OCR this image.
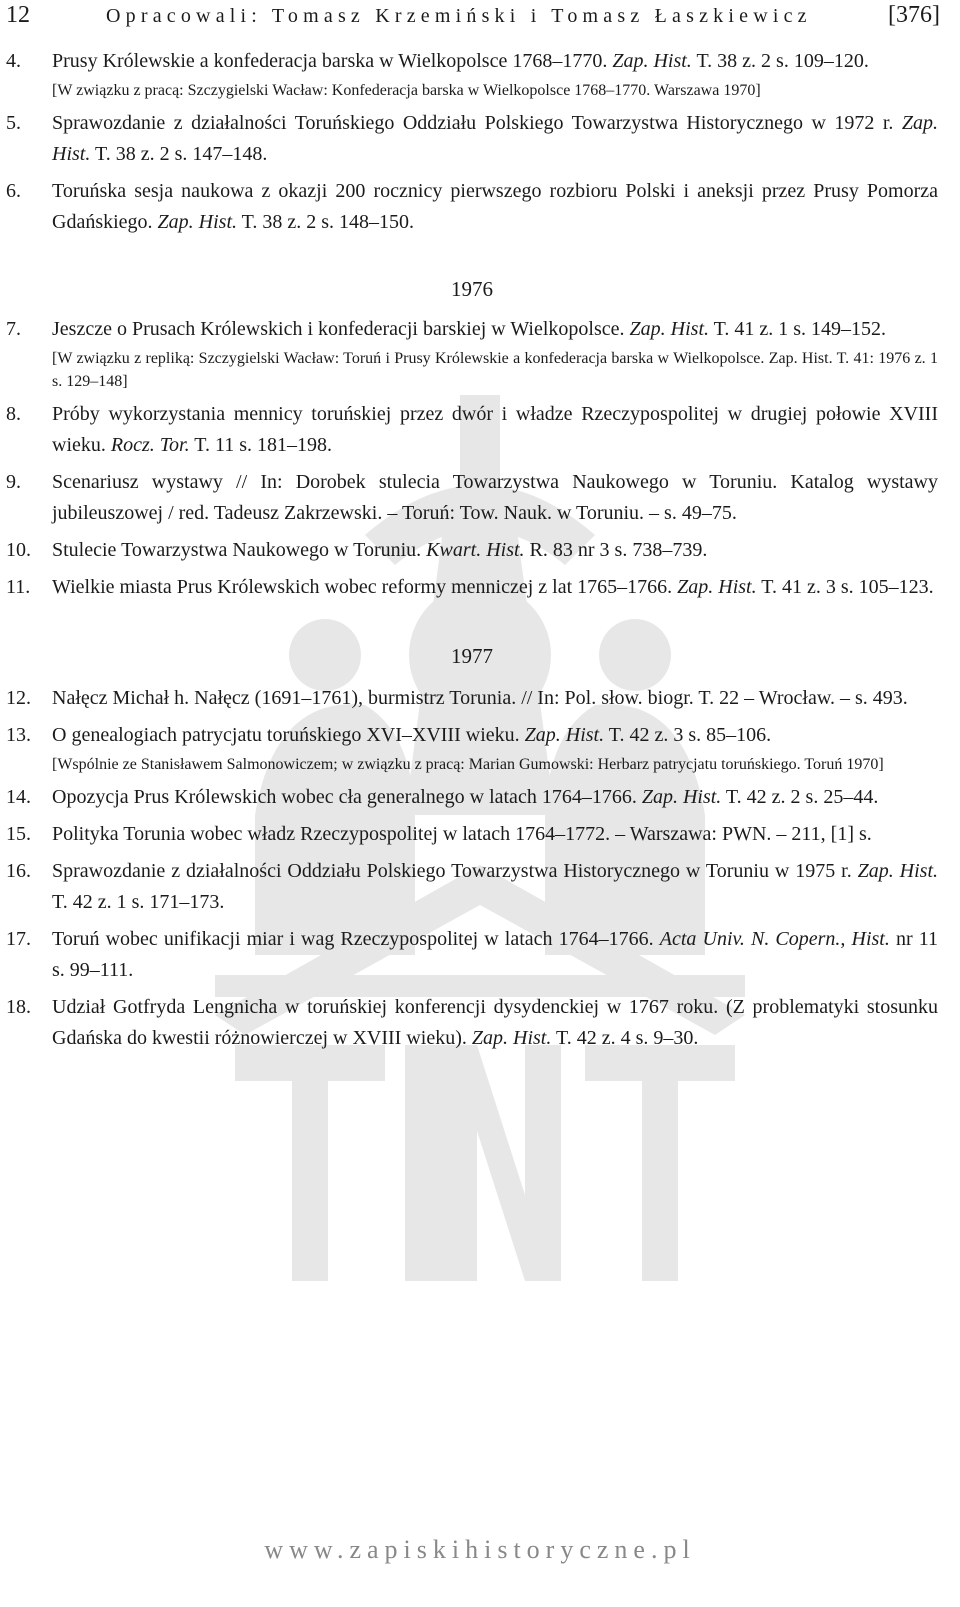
12	Opracowali: Tomasz Krzemiński i Tomasz Łaszkiewicz	[376]
4. Prusy Królewskie a konfederacja barska w Wielkopolsce 1768–1770. Zap. Hist. T. 38 z. 2 s. 109–120.
[W związku z pracą: Szczygielski Wacław: Konfederacja barska w Wielkopolsce 1768–1770. Warszawa 1970]
5. Sprawozdanie z działalności Toruńskiego Oddziału Polskiego Towarzystwa Historycznego w 1972 r. Zap. Hist. T. 38 z. 2 s. 147–148.
6. Toruńska sesja naukowa z okazji 200 rocznicy pierwszego rozbioru Polski i aneksji przez Prusy Pomorza Gdańskiego. Zap. Hist. T. 38 z. 2 s. 148–150.
1976
7. Jeszcze o Prusach Królewskich i konfederacji barskiej w Wielkopolsce. Zap. Hist. T. 41 z. 1 s. 149–152.
[W związku z repliką: Szczygielski Wacław: Toruń i Prusy Królewskie a konfederacja barska w Wielkopolsce. Zap. Hist. T. 41: 1976 z. 1 s. 129–148]
8. Próby wykorzystania mennicy toruńskiej przez dwór i władze Rzeczypospolitej w drugiej połowie XVIII wieku. Rocz. Tor. T. 11 s. 181–198.
9. Scenariusz wystawy // In: Dorobek stulecia Towarzystwa Naukowego w Toruniu. Katalog wystawy jubileuszowej / red. Tadeusz Zakrzewski. – Toruń: Tow. Nauk. w Toruniu. – s. 49–75.
10. Stulecie Towarzystwa Naukowego w Toruniu. Kwart. Hist. R. 83 nr 3 s. 738–739.
11. Wielkie miasta Prus Królewskich wobec reformy menniczej z lat 1765–1766. Zap. Hist. T. 41 z. 3 s. 105–123.
1977
12. Nałęcz Michał h. Nałęcz (1691–1761), burmistrz Torunia. // In: Pol. słow. biogr. T. 22 – Wrocław. – s. 493.
13. O genealogiach patrycjatu toruńskiego XVI–XVIII wieku. Zap. Hist. T. 42 z. 3 s. 85–106.
[Wspólnie ze Stanisławem Salmonowiczem; w związku z pracą: Marian Gumowski: Herbarz patrycjatu toruńskiego. Toruń 1970]
14. Opozycja Prus Królewskich wobec cła generalnego w latach 1764–1766. Zap. Hist. T. 42 z. 2 s. 25–44.
15. Polityka Torunia wobec władz Rzeczypospolitej w latach 1764–1772. – Warszawa: PWN. – 211, [1] s.
16. Sprawozdanie z działalności Oddziału Polskiego Towarzystwa Historycznego w Toruniu w 1975 r. Zap. Hist. T. 42 z. 1 s. 171–173.
17. Toruń wobec unifikacji miar i wag Rzeczypospolitej w latach 1764–1766. Acta Univ. N. Copern., Hist. nr 11 s. 99–111.
18. Udział Gotfryda Lengnicha w toruńskiej konferencji dysydenckiej w 1767 roku. (Z problematyki stosunku Gdańska do kwestii różnowierczej w XVIII wieku). Zap. Hist. T. 42 z. 4 s. 9–30.
www.zapiskihistoryczne.pl
